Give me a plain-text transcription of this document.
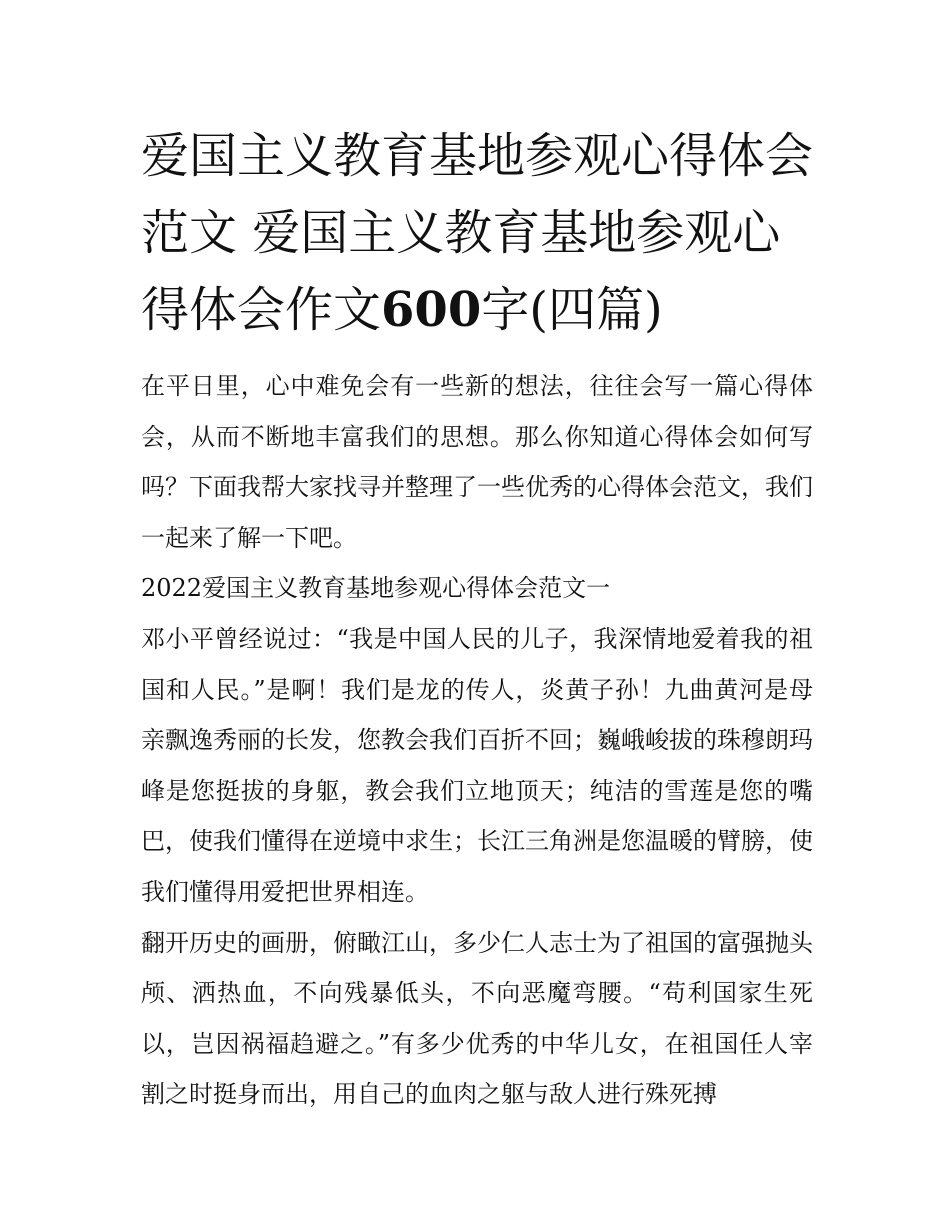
爱国主义教育基地参观心得体会范文 爱国主义教育基地参观心得体会作文600字(四篇)

在平日里，心中难免会有一些新的想法，往往会写一篇心得体会，从而不断地丰富我们的思想。那么你知道心得体会如何写吗？下面我帮大家找寻并整理了一些优秀的心得体会范文，我们一起来了解一下吧。

2022爱国主义教育基地参观心得体会范文一

邓小平曾经说过：“我是中国人民的儿子，我深情地爱着我的祖国和人民。”是啊！我们是龙的传人，炎黄子孙！九曲黄河是母亲飘逸秀丽的长发，您教会我们百折不回；巍峨峻拔的珠穆朗玛峰是您挺拔的身躯，教会我们立地顶天；纯洁的雪莲是您的嘴巴，使我们懂得在逆境中求生；长江三角洲是您温暖的臂膀，使我们懂得用爱把世界相连。

翻开历史的画册，俯瞰江山，多少仁人志士为了祖国的富强抛头颅、洒热血，不向残暴低头，不向恶魔弯腰。“苟利国家生死以，岂因祸福趋避之。”有多少优秀的中华儿女，在祖国任人宰割之时挺身而出，用自己的血肉之躯与敌人进行殊死搏
